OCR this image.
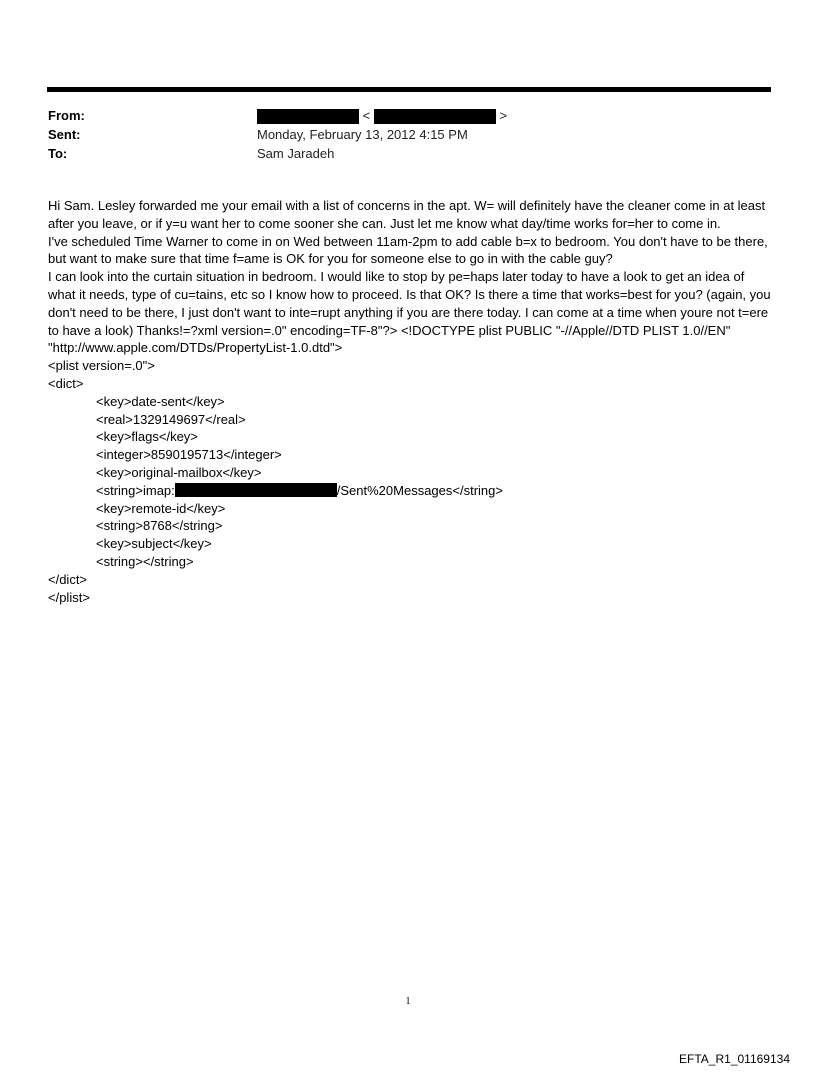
From:	<	>
Sent:	Monday, February 13, 2012 4:15 PM
To:	Sam Jaradeh

Hi Sam. Lesley forwarded me your email with a list of concerns in the apt. W= will definitely have the cleaner come in at least after you leave, or if y=u want her to come sooner she can. Just let me know what day/time works for=her to come in.

I've scheduled Time Warner to come in on Wed between 11am-2pm to add cable b=x to bedroom. You don't have to be there, but want to make sure that time f=ame is OK for you for someone else to go in with the cable guy?

I can look into the curtain situation in bedroom. I would like to stop by pe=haps later today to have a look to get an idea of what it needs, type of cu=tains, etc so I know how to proceed. Is that OK? Is there a time that works=best for you? (again, you don't need to be there, I just don't want to inte=rupt anything if you are there today. I can come at a time when youre not t=ere to have a look) Thanks!=?xml version=.0" encoding=TF-8"?> <!DOCTYPE plist PUBLIC "-//Apple//DTD PLIST 1.0//EN" "http://www.apple.com/DTDs/PropertyList-1.0.dtd">

<plist version=.0">
<dict>
<key>date-sent</key>
<real>1329149697</real>
<key>flags</key>
<integer>8590195713</integer>
<key>original-mailbox</key>
<string>imap:	/Sent%20Messages</string>
<key>remote-id</key>
<string>8768</string>
<key>subject</key>
<string></string>
</dict>
</plist>
1
EFTA_R1_01169134
